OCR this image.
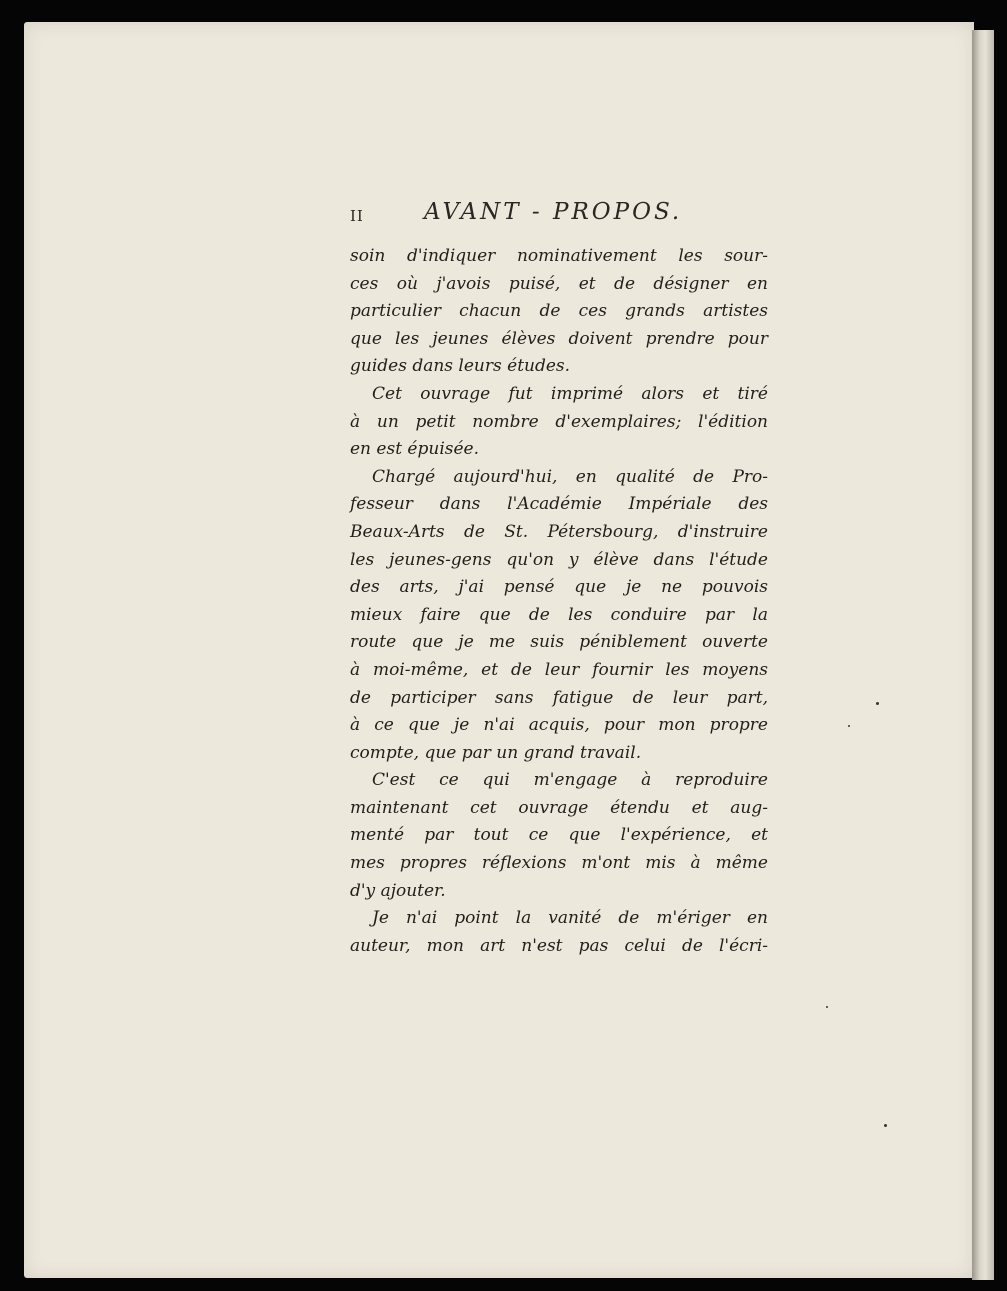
II	AVANT - PROPOS.
soin d'indiquer nominativement les sour-
ces où j'avois puisé, et de désigner en
particulier chacun de ces grands artistes
que les jeunes élèves doivent prendre pour
guides dans leurs études.
Cet ouvrage fut imprimé alors et tiré
à un petit nombre d'exemplaires; l'édition
en est épuisée.
Chargé aujourd'hui, en qualité de Pro-
fesseur dans l'Académie Impériale des
Beaux-Arts de St. Pétersbourg, d'instruire
les jeunes-gens qu'on y élève dans l'étude
des arts, j'ai pensé que je ne pouvois
mieux faire que de les conduire par la
route que je me suis péniblement ouverte
à moi-même, et de leur fournir les moyens
de participer sans fatigue de leur part,
à ce que je n'ai acquis, pour mon propre
compte, que par un grand travail.
C'est ce qui m'engage à reproduire
maintenant cet ouvrage étendu et aug-
menté par tout ce que l'expérience, et
mes propres réflexions m'ont mis à même
d'y ajouter.
Je n'ai point la vanité de m'ériger en
auteur, mon art n'est pas celui de l'écri-
